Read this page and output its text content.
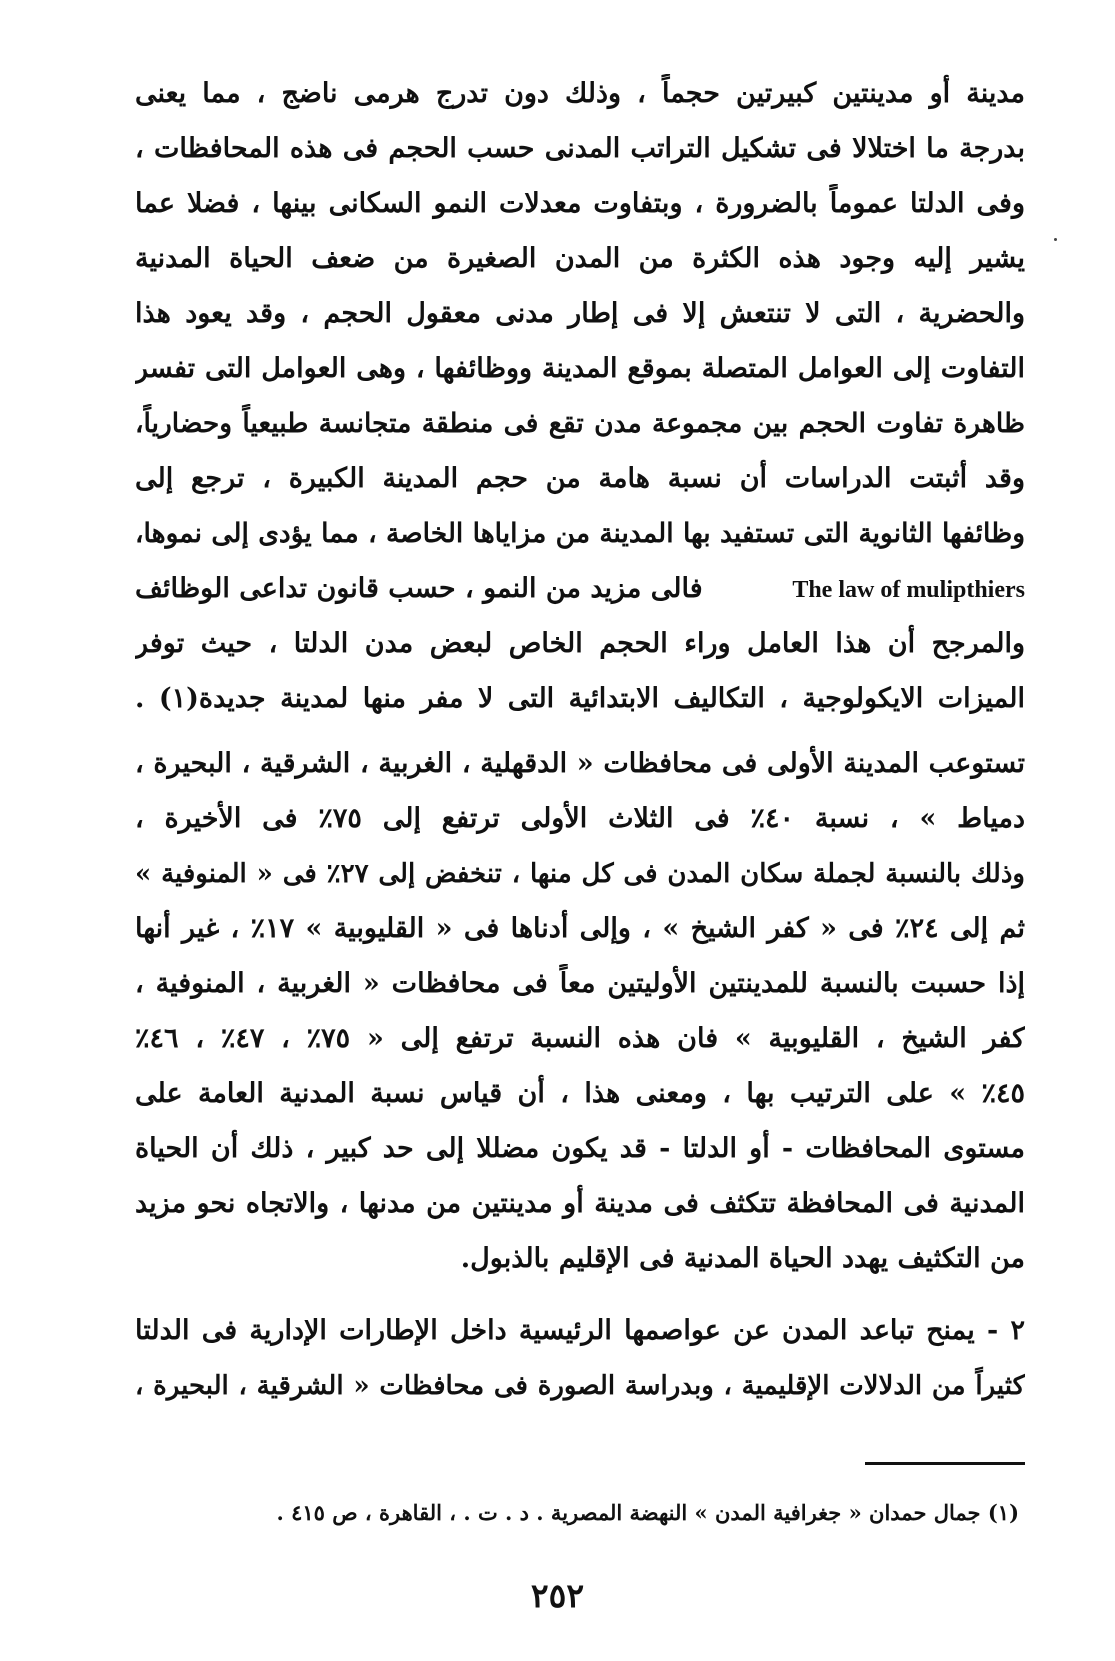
مدينة أو مدينتين كبيرتين حجماً ، وذلك دون تدرج هرمى ناضج ، مما يعنى
بدرجة ما اختلالا فى تشكيل التراتب المدنى حسب الحجم فى هذه المحافظات ،
وفى الدلتا عموماً بالضرورة ، وبتفاوت معدلات النمو السكانى بينها ، فضلا عما
يشير إليه وجود هذه الكثرة من المدن الصغيرة من ضعف الحياة المدنية
والحضرية ، التى لا تنتعش إلا فى إطار مدنى معقول الحجم ، وقد يعود هذا
التفاوت إلى العوامل المتصلة بموقع المدينة ووظائفها ، وهى العوامل التى تفسر
ظاهرة تفاوت الحجم بين مجموعة مدن تقع فى منطقة متجانسة طبيعياً وحضارياً،
وقد أثبتت الدراسات أن نسبة هامة من حجم المدينة الكبيرة ، ترجع إلى
وظائفها الثانوية التى تستفيد بها المدينة من مزاياها الخاصة ، مما يؤدى إلى نموها،
فالى مزيد من النمو ، حسب قانون تداعى الوظائف	The law of mulipthiers
والمرجح أن هذا العامل وراء الحجم الخاص لبعض مدن الدلتا ، حيث توفر
الميزات الايكولوجية ، التكاليف الابتدائية التى لا مفر منها لمدينة جديدة(١) .
تستوعب المدينة الأولى فى محافظات « الدقهلية ، الغربية ، الشرقية ، البحيرة ،
دمياط » ، نسبة ٤٠٪ فى الثلاث الأولى ترتفع إلى ٧٥٪ فى الأخيرة ،
وذلك بالنسبة لجملة سكان المدن فى كل منها ، تنخفض إلى ٢٧٪ فى « المنوفية »
ثم إلى ٢٤٪ فى « كفر الشيخ » ، وإلى أدناها فى « القليوبية » ١٧٪ ، غير أنها
إذا حسبت بالنسبة للمدينتين الأوليتين معاً فى محافظات « الغربية ، المنوفية ،
كفر الشيخ ، القليوبية » فان هذه النسبة ترتفع إلى « ٧٥٪ ، ٤٧٪ ، ٤٦٪
٤٥٪ » على الترتيب بها ، ومعنى هذا ، أن قياس نسبة المدنية العامة على
مستوى المحافظات - أو الدلتا - قد يكون مضللا إلى حد كبير ، ذلك أن الحياة
المدنية فى المحافظة تتكثف فى مدينة أو مدينتين من مدنها ، والاتجاه نحو مزيد
من التكثيف يهدد الحياة المدنية فى الإقليم بالذبول.
٢ - يمنح تباعد المدن عن عواصمها الرئيسية داخل الإطارات الإدارية فى الدلتا
كثيراً من الدلالات الإقليمية ، وبدراسة الصورة فى محافظات « الشرقية ، البحيرة ،
(١) جمال حمدان « جغرافية المدن » النهضة المصرية . د . ت . ، القاهرة ، ص ٤١٥ .
٢٥٢
